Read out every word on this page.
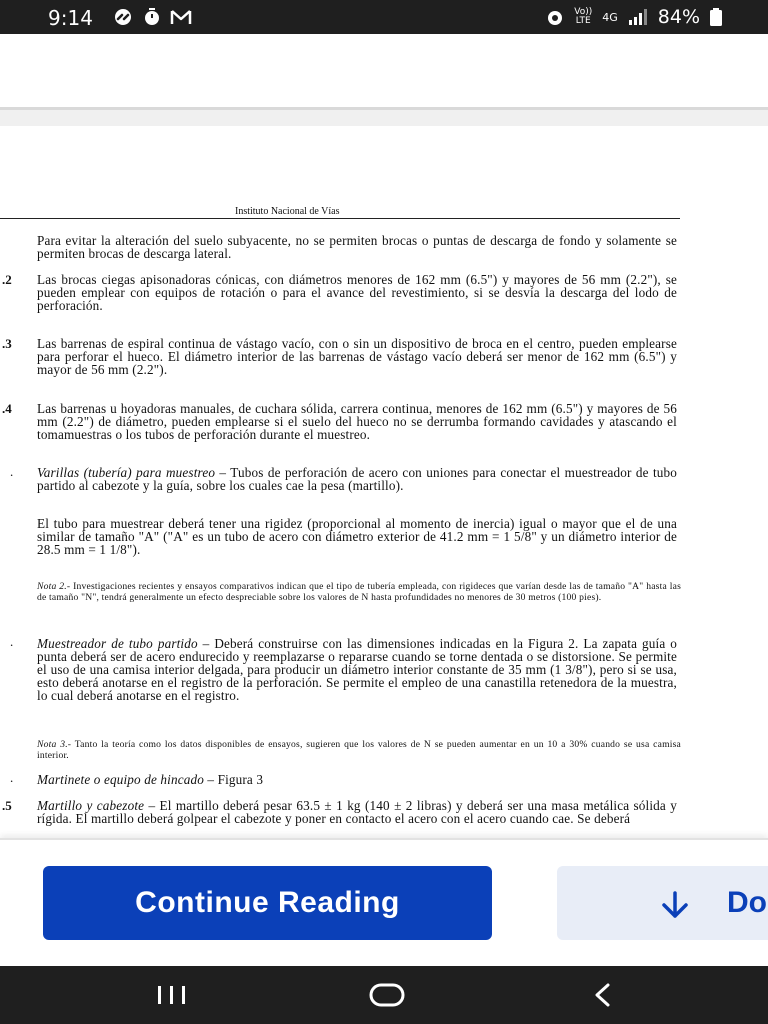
9:14	Vo))
LTE 4G 84%
Instituto Nacional de Vías
Para evitar la alteración del suelo subyacente, no se permiten brocas o puntas de descarga de fondo y solamente se permiten brocas de descarga lateral.
.2 Las brocas ciegas apisonadoras cónicas, con diámetros menores de 162 mm (6.5") y mayores de 56 mm (2.2"), se pueden emplear con equipos de rotación o para el avance del revestimiento, si se desvía la descarga del lodo de perforación.
.3 Las barrenas de espiral continua de vástago vacío, con o sin un dispositivo de broca en el centro, pueden emplearse para perforar el hueco. El diámetro interior de las barrenas de vástago vacío deberá ser menor de 162 mm (6.5") y mayor de 56 mm (2.2").
.4 Las barrenas u hoyadoras manuales, de cuchara sólida, carrera continua, menores de 162 mm (6.5") y mayores de 56 mm (2.2") de diámetro, pueden emplearse si el suelo del hueco no se derrumba formando cavidades y atascando el tomamuestras o los tubos de perforación durante el muestreo.
. Varillas (tubería) para muestreo – Tubos de perforación de acero con uniones para conectar el muestreador de tubo partido al cabezote y la guía, sobre los cuales cae la pesa (martillo).
El tubo para muestrear deberá tener una rigidez (proporcional al momento de inercia) igual o mayor que el de una similar de tamaño "A" ("A" es un tubo de acero con diámetro exterior de 41.2 mm = 1 5/8" y un diámetro interior de 28.5 mm = 1 1/8").
Nota 2.- Investigaciones recientes y ensayos comparativos indican que el tipo de tubería empleada, con rigideces que varían desde las de tamaño "A" hasta las de tamaño "N", tendrá generalmente un efecto despreciable sobre los valores de N hasta profundidades no menores de 30 metros (100 pies).
. Muestreador de tubo partido – Deberá construirse con las dimensiones indicadas en la Figura 2. La zapata guía o punta deberá ser de acero endurecido y reemplazarse o repararse cuando se torne dentada o se distorsione. Se permite el uso de una camisa interior delgada, para producir un diámetro interior constante de 35 mm (1 3/8"), pero si se usa, esto deberá anotarse en el registro de la perforación. Se permite el empleo de una canastilla retenedora de la muestra, lo cual deberá anotarse en el registro.
Nota 3.- Tanto la teoría como los datos disponibles de ensayos, sugieren que los valores de N se pueden aumentar en un 10 a 30% cuando se usa camisa interior.
. Martinete o equipo de hincado – Figura 3
.5 Martillo y cabezote – El martillo deberá pesar 63.5 ± 1 kg (140 ± 2 libras) y deberá ser una masa metálica sólida y rígida. El martillo deberá golpear el cabezote y poner en contacto el acero con el acero cuando cae. Se deberá
Continue Reading	Do
